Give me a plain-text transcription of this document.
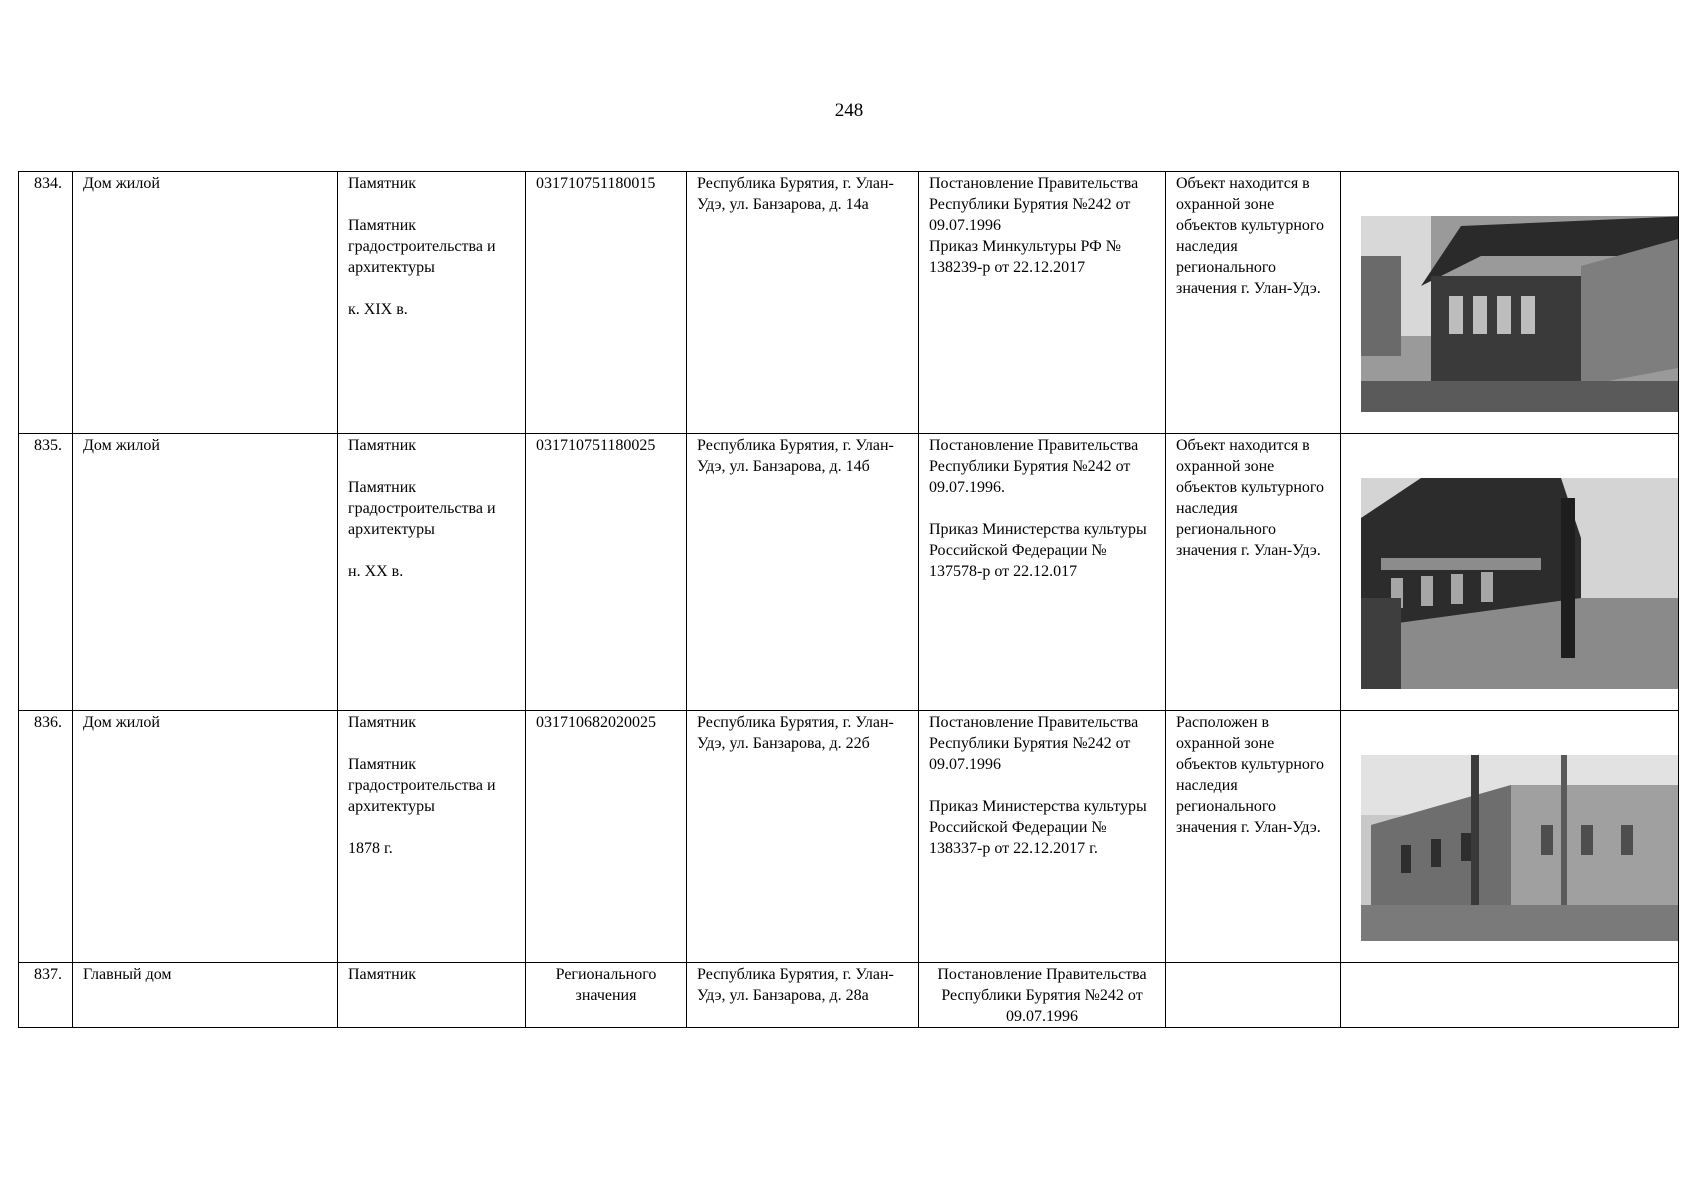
248
834.	Дом жилой	Памятник

Памятник градостроительства и архитектуры

к. XIX в.	031710751180015	Республика Бурятия, г. Улан-Удэ, ул. Банзарова, д. 14а	Постановление Правительства Республики Бурятия №242 от 09.07.1996
Приказ Минкультуры РФ № 138239-р от 22.12.2017	Объект находится в охранной зоне объектов культурного наследия регионального значения г. Улан-Удэ.	

835.	Дом жилой	Памятник

Памятник градостроительства и архитектуры

н. XX в.	031710751180025	Республика Бурятия, г. Улан-Удэ, ул. Банзарова, д. 14б	Постановление Правительства Республики Бурятия №242 от 09.07.1996.

Приказ Министерства культуры Российской Федерации №
137578-р от 22.12.017	Объект находится в охранной зоне объектов культурного наследия регионального значения г. Улан-Удэ.	

836.	Дом жилой	Памятник

Памятник градостроительства и архитектуры

1878 г.	031710682020025	Республика Бурятия, г. Улан-Удэ, ул. Банзарова, д. 22б	Постановление Правительства Республики Бурятия №242 от 09.07.1996

Приказ Министерства культуры Российской Федерации №
138337-р от 22.12.2017 г.	Расположен в охранной зоне объектов культурного наследия регионального значения г. Улан-Удэ.	

837.	Главный дом	Памятник	Регионального значения	Республика Бурятия, г. Улан-Удэ, ул. Банзарова, д. 28а	Постановление Правительства Республики Бурятия №242 от 09.07.1996		
